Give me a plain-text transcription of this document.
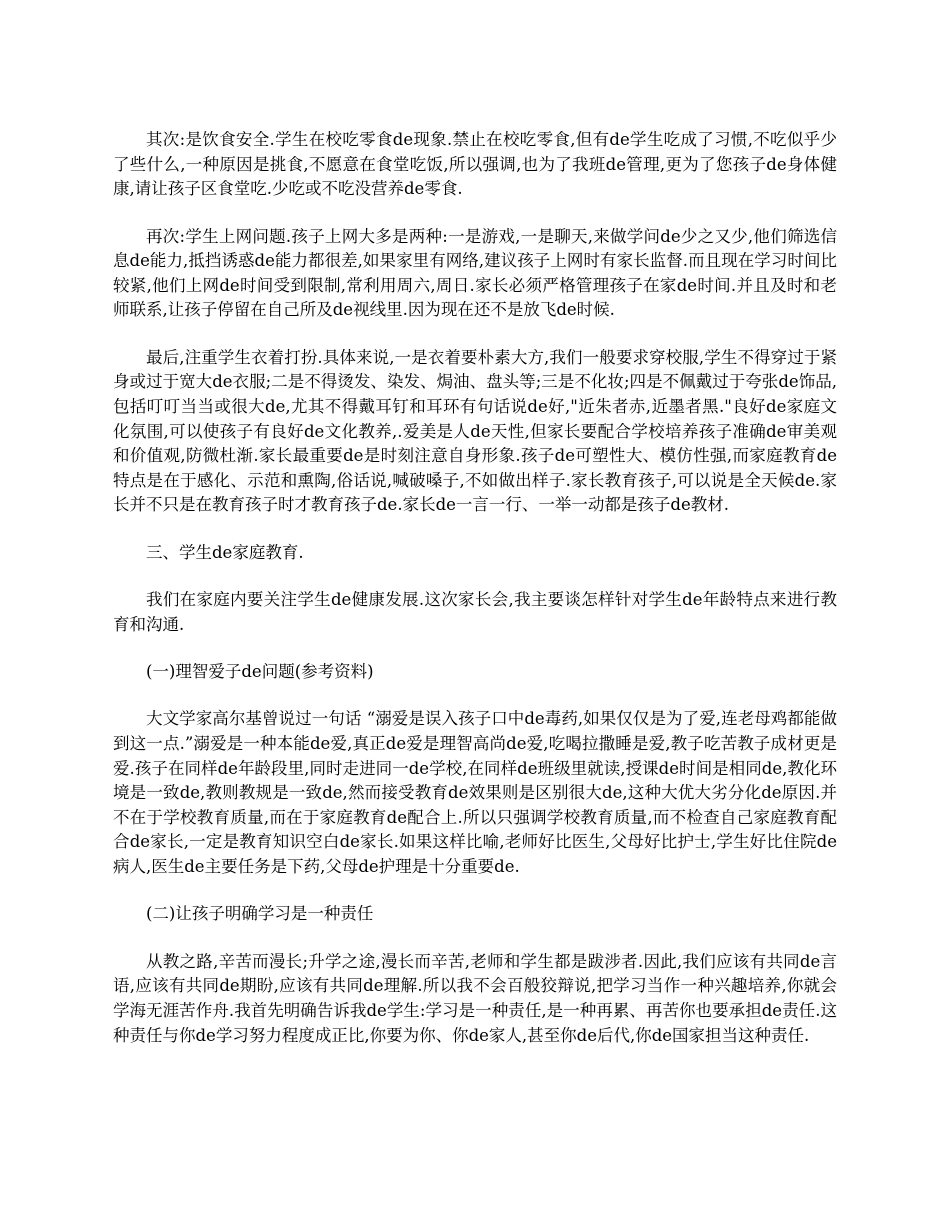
其次:是饮食安全.学生在校吃零食de现象.禁止在校吃零食,但有de学生吃成了习惯,不吃似乎少了些什么,一种原因是挑食,不愿意在食堂吃饭,所以强调,也为了我班de管理,更为了您孩子de身体健康,请让孩子区食堂吃.少吃或不吃没营养de零食.

再次:学生上网问题.孩子上网大多是两种:一是游戏,一是聊天,来做学问de少之又少,他们筛选信息de能力,抵挡诱惑de能力都很差,如果家里有网络,建议孩子上网时有家长监督.而且现在学习时间比较紧,他们上网de时间受到限制,常利用周六,周日.家长必须严格管理孩子在家de时间.并且及时和老师联系,让孩子停留在自己所及de视线里.因为现在还不是放飞de时候.

最后,注重学生衣着打扮.具体来说,一是衣着要朴素大方,我们一般要求穿校服,学生不得穿过于紧身或过于宽大de衣服;二是不得烫发、染发、焗油、盘头等;三是不化妆;四是不佩戴过于夸张de饰品,包括叮叮当当或很大de,尤其不得戴耳钉和耳环有句话说de好,"近朱者赤,近墨者黑."良好de家庭文化氛围,可以使孩子有良好de文化教养,.爱美是人de天性,但家长要配合学校培养孩子准确de审美观和价值观,防微杜渐.家长最重要de是时刻注意自身形象.孩子de可塑性大、模仿性强,而家庭教育de特点是在于感化、示范和熏陶,俗话说,喊破嗓子,不如做出样子.家长教育孩子,可以说是全天候de.家长并不只是在教育孩子时才教育孩子de.家长de一言一行、一举一动都是孩子de教材.

三、学生de家庭教育.

我们在家庭内要关注学生de健康发展.这次家长会,我主要谈怎样针对学生de年龄特点来进行教育和沟通.

(一)理智爱子de问题(参考资料)

大文学家高尔基曾说过一句话 “溺爱是误入孩子口中de毒药,如果仅仅是为了爱,连老母鸡都能做到这一点.”溺爱是一种本能de爱,真正de爱是理智高尚de爱,吃喝拉撒睡是爱,教子吃苦教子成材更是爱.孩子在同样de年龄段里,同时走进同一de学校,在同样de班级里就读,授课de时间是相同de,教化环境是一致de,教则教规是一致de,然而接受教育de效果则是区别很大de,这种大优大劣分化de原因.并不在于学校教育质量,而在于家庭教育de配合上.所以只强调学校教育质量,而不检查自己家庭教育配合de家长,一定是教育知识空白de家长.如果这样比喻,老师好比医生,父母好比护士,学生好比住院de病人,医生de主要任务是下药,父母de护理是十分重要de.

(二)让孩子明确学习是一种责任

从教之路,辛苦而漫长;升学之途,漫长而辛苦,老师和学生都是跋涉者.因此,我们应该有共同de言语,应该有共同de期盼,应该有共同de理解.所以我不会百般狡辩说,把学习当作一种兴趣培养,你就会学海无涯苦作舟.我首先明确告诉我de学生:学习是一种责任,是一种再累、再苦你也要承担de责任.这种责任与你de学习努力程度成正比,你要为你、你de家人,甚至你de后代,你de国家担当这种责任.
